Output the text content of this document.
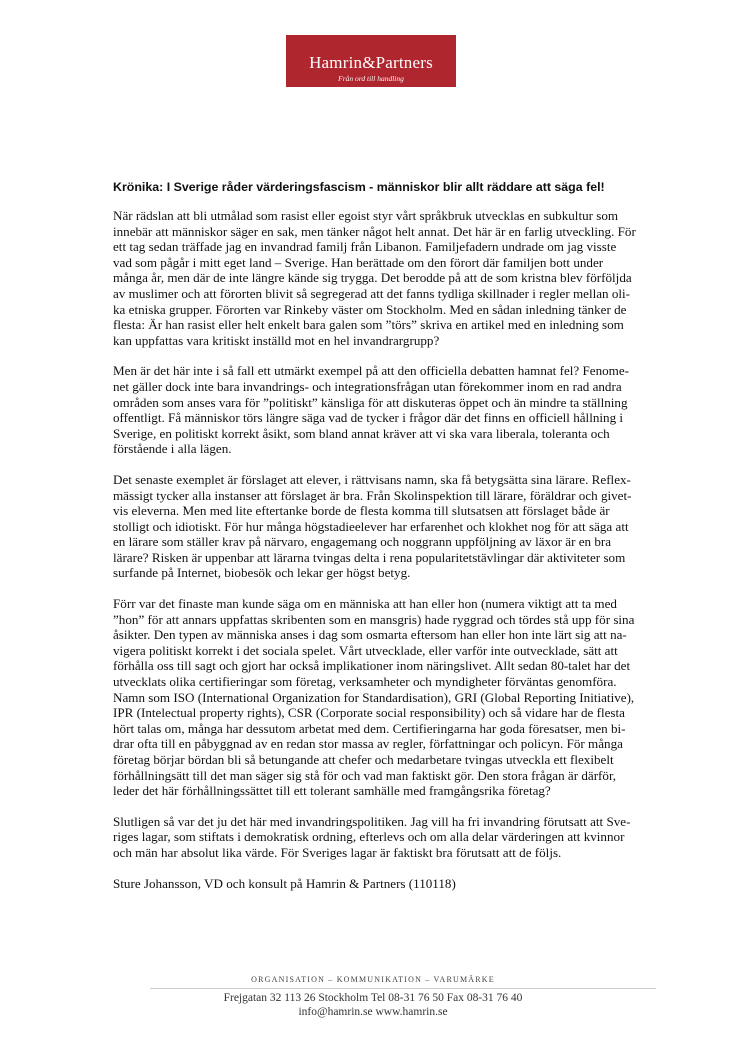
Hamrin&Partners
Från ord till handling
Krönika: I Sverige råder värderingsfascism - människor blir allt räddare att säga fel!
När rädslan att bli utmålad som rasist eller egoist styr vårt språkbruk utvecklas en subkultur som
innebär att människor säger en sak, men tänker något helt annat. Det här är en farlig utveckling. För
ett tag sedan träffade jag en invandrad familj från Libanon. Familjefadern undrade om jag visste
vad som pågår i mitt eget land – Sverige. Han berättade om den förort där familjen bott under
många år, men där de inte längre kände sig trygga. Det berodde på att de som kristna blev förföljda
av muslimer och att förorten blivit så segregerad att det fanns tydliga skillnader i regler mellan oli-
ka etniska grupper. Förorten var Rinkeby väster om Stockholm. Med en sådan inledning tänker de
flesta: Är han rasist eller helt enkelt bara galen som ”törs” skriva en artikel med en inledning som
kan uppfattas vara kritiskt inställd mot en hel invandrargrupp?
Men är det här inte i så fall ett utmärkt exempel på att den officiella debatten hamnat fel? Fenome-
net gäller dock inte bara invandrings- och integrationsfrågan utan förekommer inom en rad andra
områden som anses vara för ”politiskt” känsliga för att diskuteras öppet och än mindre ta ställning
offentligt. Få människor törs längre säga vad de tycker i frågor där det finns en officiell hållning i
Sverige, en politiskt korrekt åsikt, som bland annat kräver att vi ska vara liberala, toleranta och
förstående i alla lägen.
Det senaste exemplet är förslaget att elever, i rättvisans namn, ska få betygsätta sina lärare. Reflex-
mässigt tycker alla instanser att förslaget är bra. Från Skolinspektion till lärare, föräldrar och givet-
vis eleverna. Men med lite eftertanke borde de flesta komma till slutsatsen att förslaget både är
stolligt och idiotiskt. För hur många högstadieelever har erfarenhet och klokhet nog för att säga att
en lärare som ställer krav på närvaro, engagemang och noggrann uppföljning av läxor är en bra
lärare? Risken är uppenbar att lärarna tvingas delta i rena popularitetstävlingar där aktiviteter som
surfande på Internet, biobesök och lekar ger högst betyg.
Förr var det finaste man kunde säga om en människa att han eller hon (numera viktigt att ta med
”hon” för att annars uppfattas skribenten som en mansgris) hade ryggrad och tördes stå upp för sina
åsikter. Den typen av människa anses i dag som osmarta eftersom han eller hon inte lärt sig att na-
vigera politiskt korrekt i det sociala spelet. Vårt utvecklade, eller varför inte outvecklade, sätt att
förhålla oss till sagt och gjort har också implikationer inom näringslivet. Allt sedan 80-talet har det
utvecklats olika certifieringar som företag, verksamheter och myndigheter förväntas genomföra.
Namn som ISO (International Organization for Standardisation), GRI (Global Reporting Initiative),
IPR (Intelectual property rights), CSR (Corporate social responsibility) och så vidare har de flesta
hört talas om, många har dessutom arbetat med dem. Certifieringarna har goda föresatser, men bi-
drar ofta till en påbyggnad av en redan stor massa av regler, författningar och policyn. För många
företag börjar bördan bli så betungande att chefer och medarbetare tvingas utveckla ett flexibelt
förhållningsätt till det man säger sig stå för och vad man faktiskt gör. Den stora frågan är därför,
leder det här förhållningssättet till ett tolerant samhälle med framgångsrika företag?
Slutligen så var det ju det här med invandringspolitiken. Jag vill ha fri invandring förutsatt att Sve-
riges lagar, som stiftats i demokratisk ordning, efterlevs och om alla delar värderingen att kvinnor
och män har absolut lika värde. För Sveriges lagar är faktiskt bra förutsatt att de följs.
Sture Johansson, VD och konsult på Hamrin & Partners (110118)
ORGANISATION – KOMMUNIKATION – VARUMÄRKE
Frejgatan 32 113 26 Stockholm Tel 08-31 76 50 Fax 08-31 76 40
info@hamrin.se www.hamrin.se
